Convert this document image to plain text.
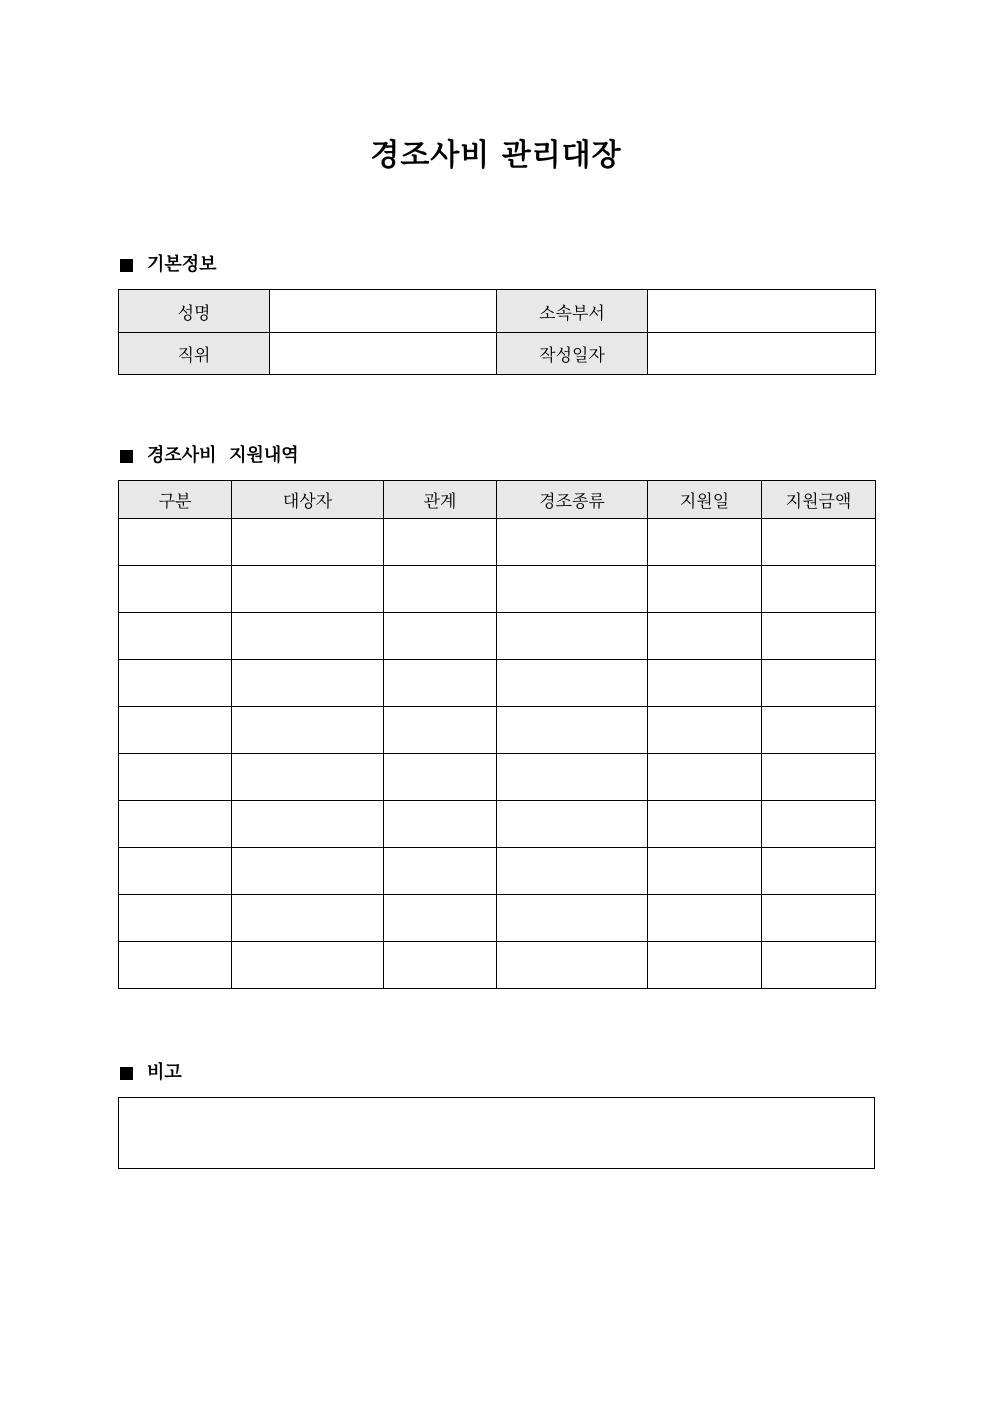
경조사비 관리대장
기본정보
성명		소속부서	
직위		작성일자	
경조사비  지원내역
구분	대상자	관계	경조종류	지원일	지원금액

비고
